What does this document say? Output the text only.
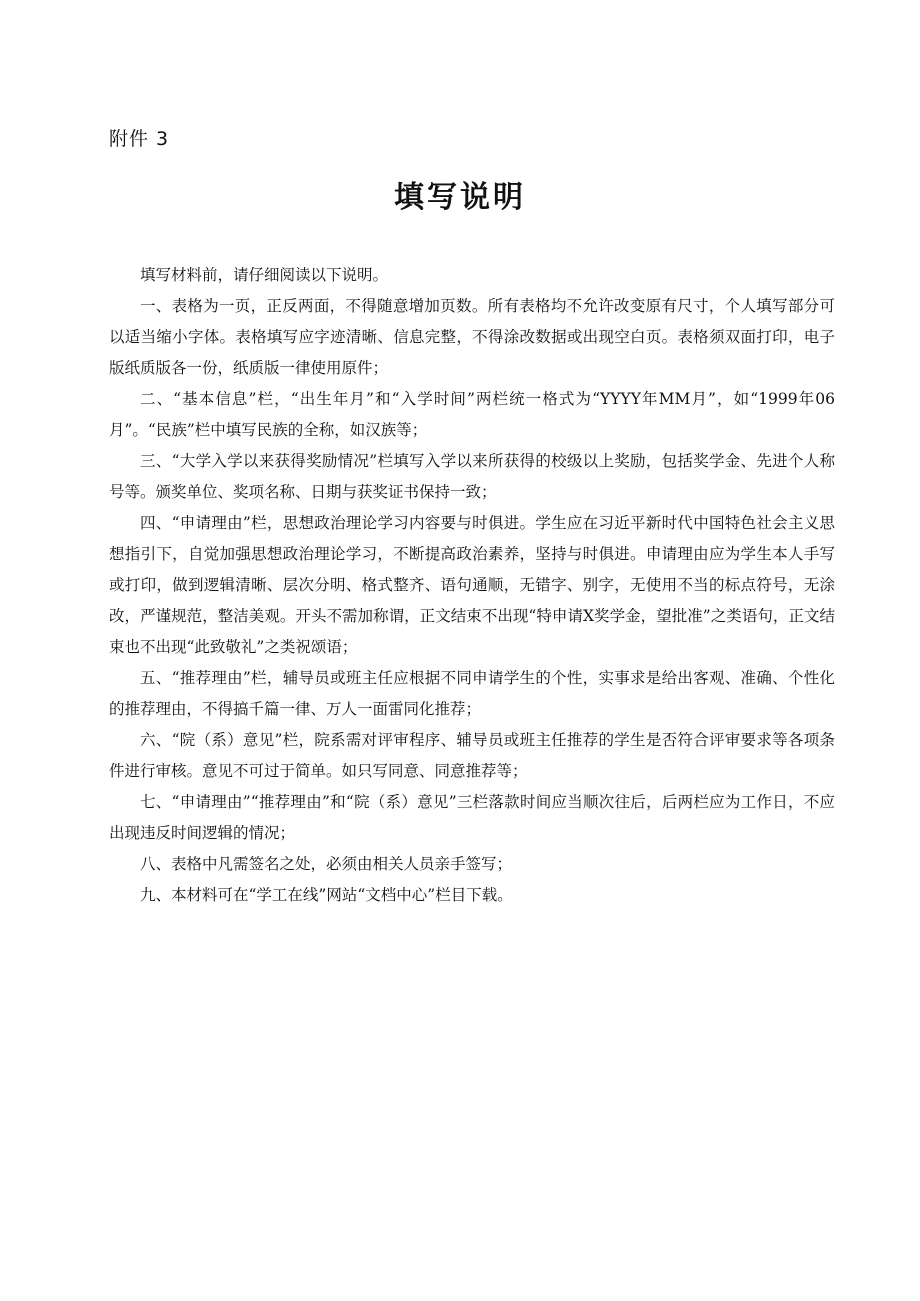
附件 3
填写说明

填写材料前，请仔细阅读以下说明。

一、表格为一页，正反两面，不得随意增加页数。所有表格均不允许改变原有尺寸，个人填写部分可以适当缩小字体。表格填写应字迹清晰、信息完整，不得涂改数据或出现空白页。表格须双面打印，电子版纸质版各一份，纸质版一律使用原件；

二、“基本信息”栏，“出生年月”和“入学时间”两栏统一格式为“YYYY年MM月”，如“1999年06月”。“民族”栏中填写民族的全称，如汉族等；

三、“大学入学以来获得奖励情况”栏填写入学以来所获得的校级以上奖励，包括奖学金、先进个人称号等。颁奖单位、奖项名称、日期与获奖证书保持一致；

四、“申请理由”栏，思想政治理论学习内容要与时俱进。学生应在习近平新时代中国特色社会主义思想指引下，自觉加强思想政治理论学习，不断提高政治素养，坚持与时俱进。申请理由应为学生本人手写或打印，做到逻辑清晰、层次分明、格式整齐、语句通顺，无错字、别字，无使用不当的标点符号，无涂改，严谨规范，整洁美观。开头不需加称谓，正文结束不出现“特申请X奖学金，望批准”之类语句，正文结束也不出现“此致敬礼”之类祝颂语；

五、“推荐理由”栏，辅导员或班主任应根据不同申请学生的个性，实事求是给出客观、准确、个性化的推荐理由，不得搞千篇一律、万人一面雷同化推荐；

六、“院（系）意见”栏，院系需对评审程序、辅导员或班主任推荐的学生是否符合评审要求等各项条件进行审核。意见不可过于简单。如只写同意、同意推荐等；

七、“申请理由”“推荐理由”和“院（系）意见”三栏落款时间应当顺次往后，后两栏应为工作日，不应出现违反时间逻辑的情况；

八、表格中凡需签名之处，必须由相关人员亲手签写；

九、本材料可在“学工在线”网站“文档中心”栏目下载。
